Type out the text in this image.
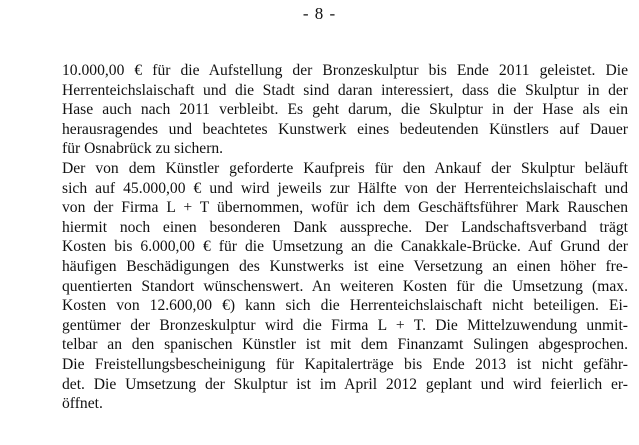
- 8 -
10.000,00 € für die Aufstellung der Bronzeskulptur bis Ende 2011 geleistet. Die
Herrenteichslaischaft und die Stadt sind daran interessiert, dass die Skulptur in der
Hase auch nach 2011 verbleibt. Es geht darum, die Skulptur in der Hase als ein
herausragendes und beachtetes Kunstwerk eines bedeutenden Künstlers auf Dauer
für Osnabrück zu sichern.
Der von dem Künstler geforderte Kaufpreis für den Ankauf der Skulptur beläuft
sich auf 45.000,00 € und wird jeweils zur Hälfte von der Herrenteichslaischaft und
von der Firma L + T übernommen, wofür ich dem Geschäftsführer Mark Rauschen
hiermit noch einen besonderen Dank ausspreche. Der Landschaftsverband trägt
Kosten bis 6.000,00 € für die Umsetzung an die Canakkale-Brücke. Auf Grund der
häufigen Beschädigungen des Kunstwerks ist eine Versetzung an einen höher fre-
quentierten Standort wünschenswert. An weiteren Kosten für die Umsetzung (max.
Kosten von 12.600,00 €) kann sich die Herrenteichslaischaft nicht beteiligen. Ei-
gentümer der Bronzeskulptur wird die Firma L + T. Die Mittelzuwendung unmit-
telbar an den spanischen Künstler ist mit dem Finanzamt Sulingen abgesprochen.
Die Freistellungsbescheinigung für Kapitalerträge bis Ende 2013 ist nicht gefähr-
det. Die Umsetzung der Skulptur ist im April 2012 geplant und wird feierlich er-
öffnet.
